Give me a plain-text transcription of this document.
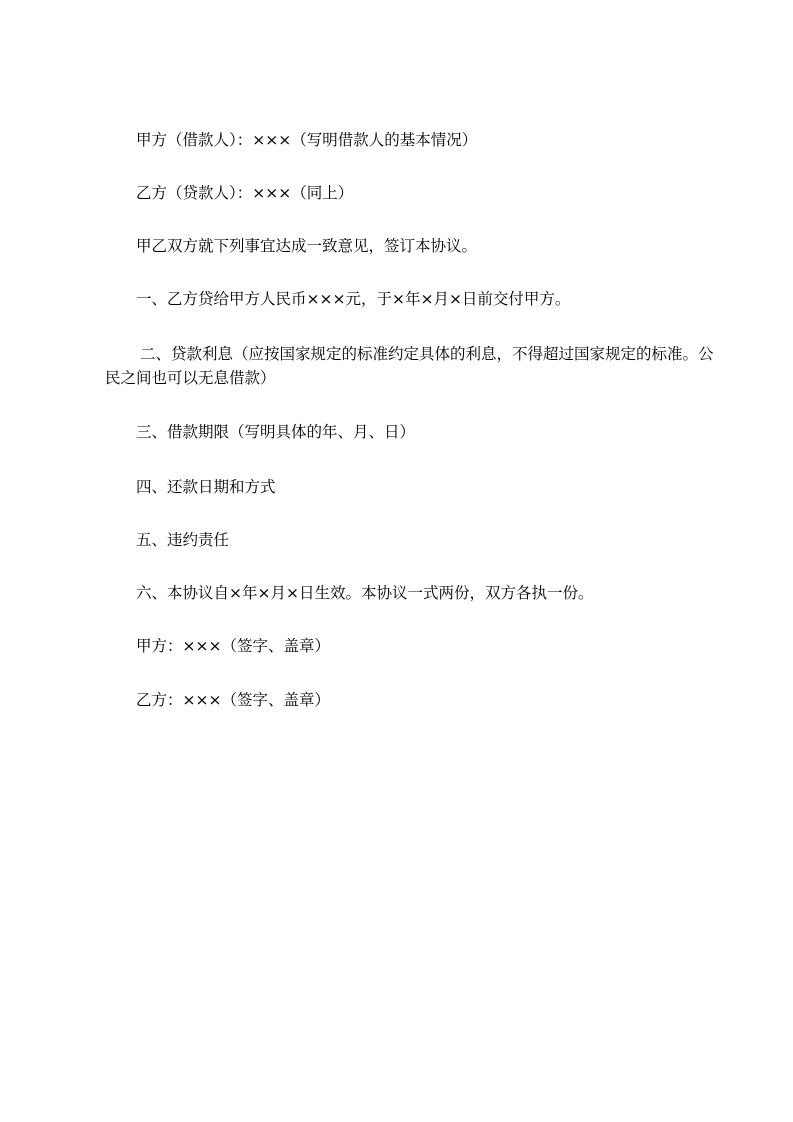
甲方（借款人）：×××（写明借款人的基本情况）

乙方（贷款人）：×××（同上）

甲乙双方就下列事宜达成一致意见，签订本协议。

一、乙方贷给甲方人民币×××元，于×年×月×日前交付甲方。

二、贷款利息（应按国家规定的标准约定具体的利息，不得超过国家规定的标准。公民之间也可以无息借款）

三、借款期限（写明具体的年、月、日）

四、还款日期和方式

五、违约责任

六、本协议自×年×月×日生效。本协议一式两份，双方各执一份。

甲方：×××（签字、盖章）

乙方：×××（签字、盖章）
